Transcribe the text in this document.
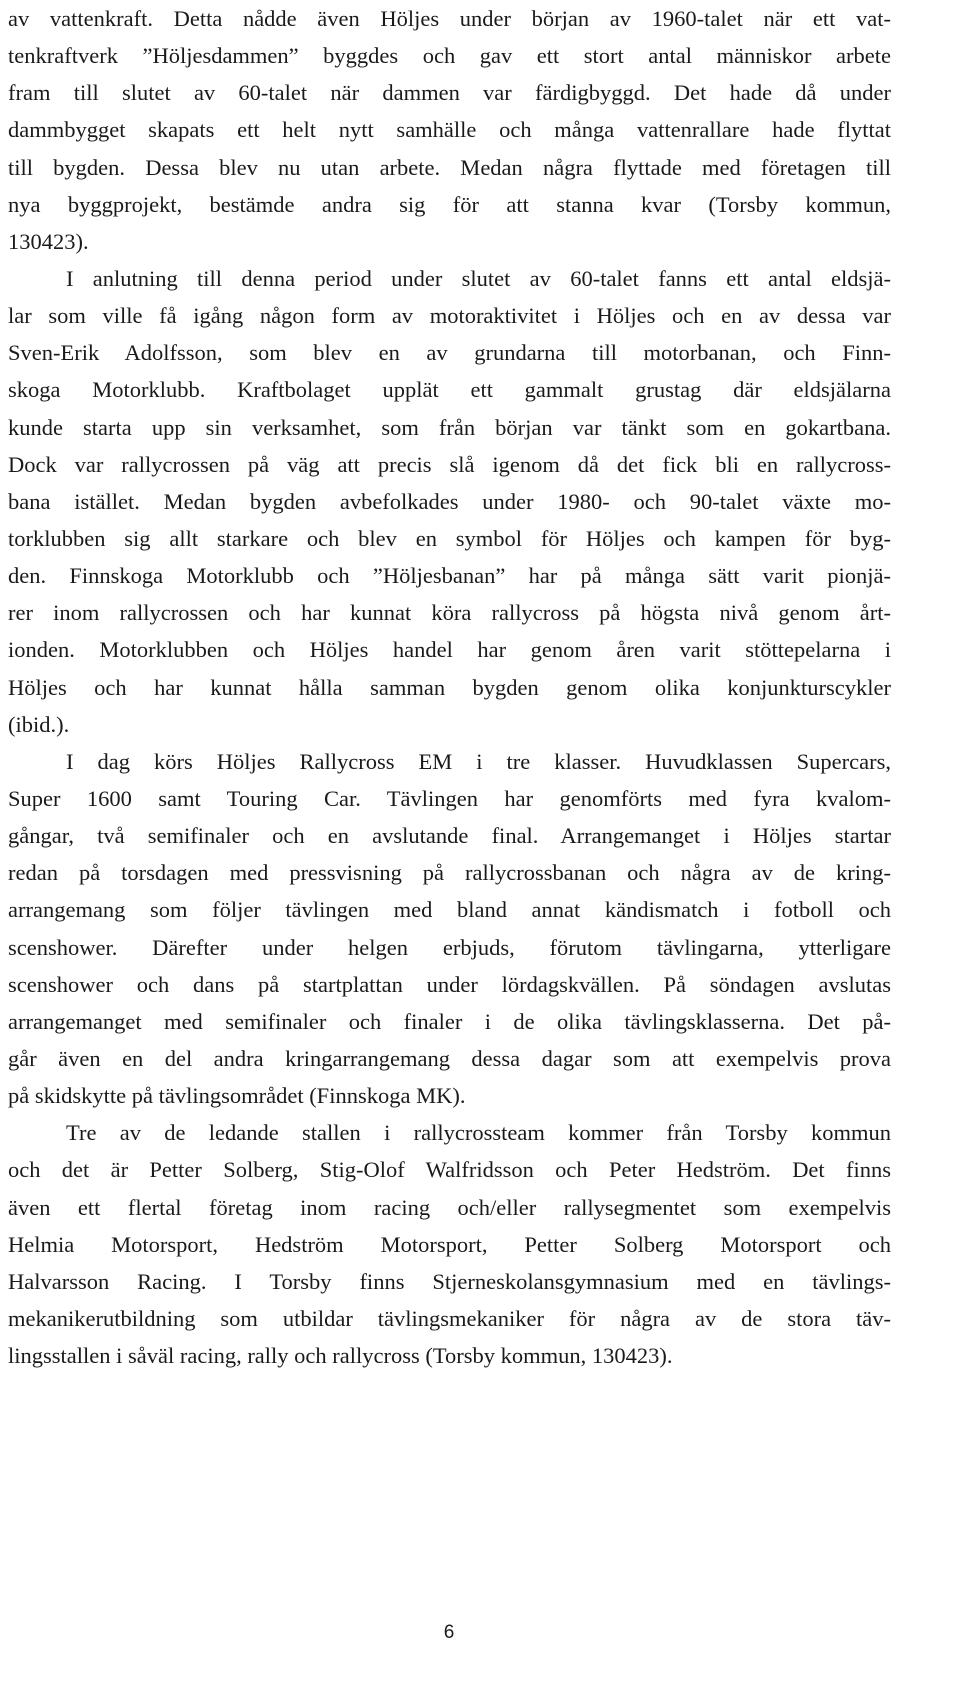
av vattenkraft. Detta nådde även Höljes under början av 1960-talet när ett vat-
tenkraftverk ”Höljesdammen” byggdes och gav ett stort antal människor arbete
fram till slutet av 60-talet när dammen var färdigbyggd. Det hade då under
dammbygget skapats ett helt nytt samhälle och många vattenrallare hade flyttat
till bygden. Dessa blev nu utan arbete. Medan några flyttade med företagen till
nya byggprojekt, bestämde andra sig för att stanna kvar (Torsby kommun,
130423).
I anlutning till denna period under slutet av 60-talet fanns ett antal eldsjä-
lar som ville få igång någon form av motoraktivitet i Höljes och en av dessa var
Sven-Erik Adolfsson, som blev en av grundarna till motorbanan, och Finn-
skoga Motorklubb. Kraftbolaget upplät ett gammalt grustag där eldsjälarna
kunde starta upp sin verksamhet, som från början var tänkt som en gokartbana.
Dock var rallycrossen på väg att precis slå igenom då det fick bli en rallycross-
bana istället. Medan bygden avbefolkades under 1980- och 90-talet växte mo-
torklubben sig allt starkare och blev en symbol för Höljes och kampen för byg-
den. Finnskoga Motorklubb och ”Höljesbanan” har på många sätt varit pionjä-
rer inom rallycrossen och har kunnat köra rallycross på högsta nivå genom årt-
ionden. Motorklubben och Höljes handel har genom åren varit stöttepelarna i
Höljes och har kunnat hålla samman bygden genom olika konjunkturscykler
(ibid.).
I dag körs Höljes Rallycross EM i tre klasser. Huvudklassen Supercars,
Super 1600 samt Touring Car. Tävlingen har genomförts med fyra kvalom-
gångar, två semifinaler och en avslutande final. Arrangemanget i Höljes startar
redan på torsdagen med pressvisning på rallycrossbanan och några av de kring-
arrangemang som följer tävlingen med bland annat kändismatch i fotboll och
scenshower. Därefter under helgen erbjuds, förutom tävlingarna, ytterligare
scenshower och dans på startplattan under lördagskvällen. På söndagen avslutas
arrangemanget med semifinaler och finaler i de olika tävlingsklasserna. Det på-
går även en del andra kringarrangemang dessa dagar som att exempelvis prova
på skidskytte på tävlingsområdet (Finnskoga MK).
Tre av de ledande stallen i rallycrossteam kommer från Torsby kommun
och det är Petter Solberg, Stig-Olof Walfridsson och Peter Hedström. Det finns
även ett flertal företag inom racing och/eller rallysegmentet som exempelvis
Helmia Motorsport, Hedström Motorsport, Petter Solberg Motorsport och
Halvarsson Racing. I Torsby finns Stjerneskolansgymnasium med en tävlings-
mekanikerutbildning som utbildar tävlingsmekaniker för några av de stora täv-
lingsstallen i såväl racing, rally och rallycross (Torsby kommun, 130423).
6
